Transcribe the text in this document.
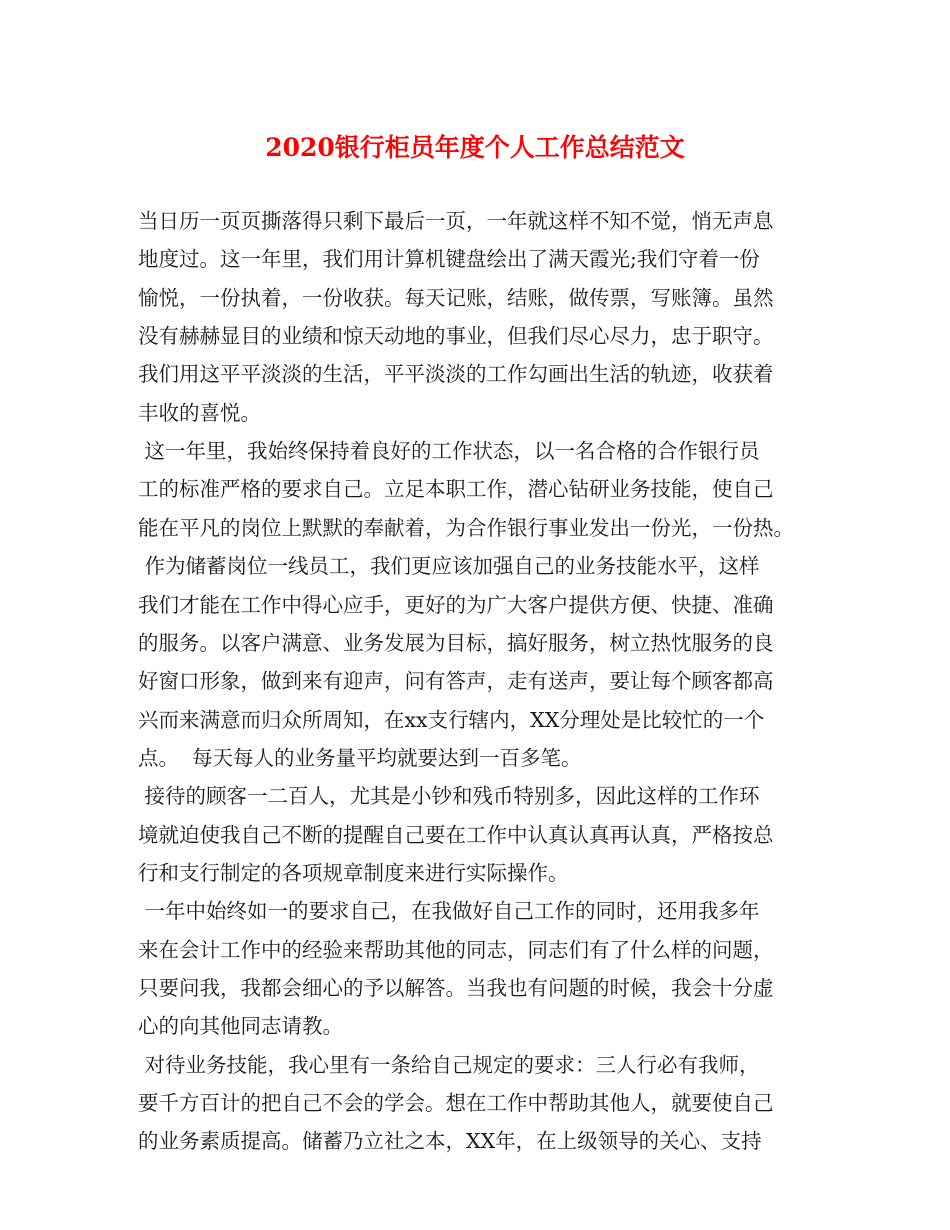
2020银行柜员年度个人工作总结范文
当日历一页页撕落得只剩下最后一页，一年就这样不知不觉，悄无声息
地度过。这一年里，我们用计算机键盘绘出了满天霞光;我们守着一份
愉悦，一份执着，一份收获。每天记账，结账，做传票，写账簿。虽然
没有赫赫显目的业绩和惊天动地的事业，但我们尽心尽力，忠于职守。
我们用这平平淡淡的生活，平平淡淡的工作勾画出生活的轨迹，收获着
丰收的喜悦。
这一年里，我始终保持着良好的工作状态，以一名合格的合作银行员
工的标准严格的要求自己。立足本职工作，潜心钻研业务技能，使自己
能在平凡的岗位上默默的奉献着，为合作银行事业发出一份光，一份热。
作为储蓄岗位一线员工，我们更应该加强自己的业务技能水平，这样
我们才能在工作中得心应手，更好的为广大客户提供方便、快捷、准确
的服务。以客户满意、业务发展为目标，搞好服务，树立热忱服务的良
好窗口形象，做到来有迎声，问有答声，走有送声，要让每个顾客都高
兴而来满意而归众所周知，在xx支行辖内，XX分理处是比较忙的一个
点。  每天每人的业务量平均就要达到一百多笔。
接待的顾客一二百人，尤其是小钞和残币特别多，因此这样的工作环
境就迫使我自己不断的提醒自己要在工作中认真认真再认真，严格按总
行和支行制定的各项规章制度来进行实际操作。
一年中始终如一的要求自己，在我做好自己工作的同时，还用我多年
来在会计工作中的经验来帮助其他的同志，同志们有了什么样的问题，
只要问我，我都会细心的予以解答。当我也有问题的时候，我会十分虚
心的向其他同志请教。
对待业务技能，我心里有一条给自己规定的要求：三人行必有我师，
要千方百计的把自己不会的学会。想在工作中帮助其他人，就要使自己
的业务素质提高。储蓄乃立社之本，XX年，在上级领导的关心、支持
